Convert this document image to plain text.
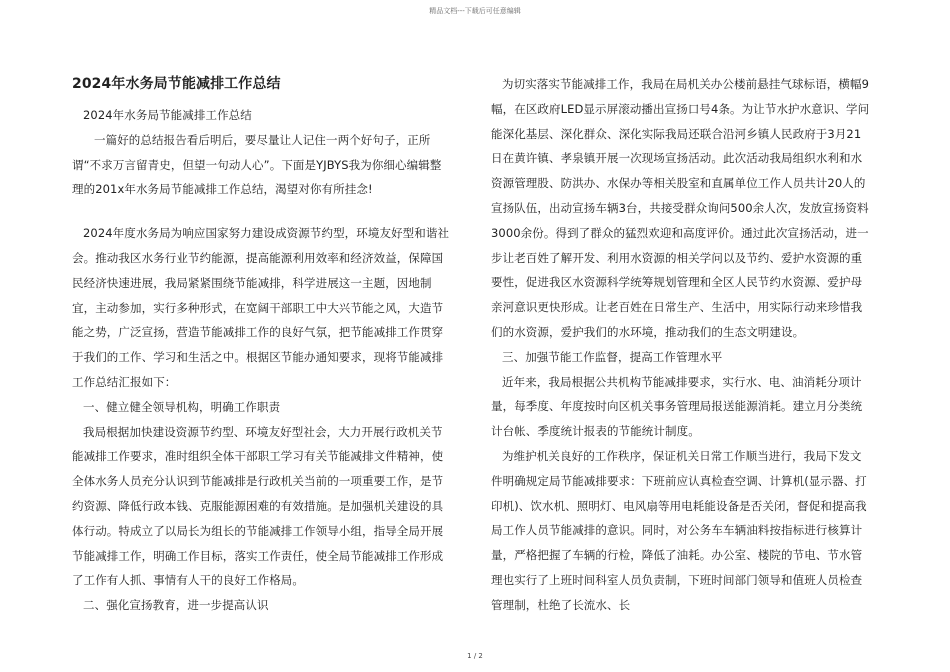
精品文档---下载后可任意编辑
2024年水务局节能减排工作总结

2024年水务局节能减排工作总结

一篇好的总结报告看后明后，要尽量让人记住一两个好句子，正所谓“不求万言留青史，但望一句动人心”。下面是YJBYS我为你细心编辑整理的201x年水务局节能减排工作总结，渴望对你有所挂念!

2024年度水务局为响应国家努力建设成资源节约型，环境友好型和谐社会。推动我区水务行业节约能源，提高能源利用效率和经济效益，保障国民经济快速进展，我局紧紧围绕节能减排，科学进展这一主题，因地制宜，主动参加，实行多种形式，在宽阔干部职工中大兴节能之风，大造节能之势，广泛宣扬，营造节能减排工作的良好气氛，把节能减排工作贯穿于我们的工作、学习和生活之中。根据区节能办通知要求，现将节能减排工作总结汇报如下：

一、健立健全领导机构，明确工作职责

我局根据加快建设资源节约型、环境友好型社会，大力开展行政机关节能减排工作要求，准时组织全体干部职工学习有关节能减排文件精神，使全体水务人员充分认识到节能减排是行政机关当前的一项重要工作，是节约资源、降低行政本钱、克服能源困难的有效措施。是加强机关建设的具体行动。特成立了以局长为组长的节能减排工作领导小组，指导全局开展节能减排工作，明确工作目标，落实工作责任，使全局节能减排工作形成了工作有人抓、事情有人干的良好工作格局。

二、强化宣扬教育，进一步提高认识

为切实落实节能减排工作，我局在局机关办公楼前悬挂气球标语，横幅9幅，在区政府LED显示屏滚动播出宣扬口号4条。为让节水护水意识、学问能深化基层、深化群众、深化实际我局还联合沿河乡镇人民政府于3月21日在黄许镇、孝泉镇开展一次现场宣扬活动。此次活动我局组织水利和水资源管理股、防洪办、水保办等相关股室和直属单位工作人员共计20人的宣扬队伍，出动宣扬车辆3台，共接受群众询问500余人次，发放宣扬资料3000余份。得到了群众的猛烈欢迎和高度评价。通过此次宣扬活动，进一步让老百姓了解开发、利用水资源的相关学问以及节约、爱护水资源的重要性，促进我区水资源科学统筹规划管理和全区人民节约水资源、爱护母亲河意识更快形成。让老百姓在日常生产、生活中，用实际行动来珍惜我们的水资源，爱护我们的水环境，推动我们的生态文明建设。

三、加强节能工作监督，提高工作管理水平

近年来，我局根据公共机构节能减排要求，实行水、电、油消耗分项计量，每季度、年度按时向区机关事务管理局报送能源消耗。建立月分类统计台帐、季度统计报表的节能统计制度。

为维护机关良好的工作秩序，保证机关日常工作顺当进行，我局下发文件明确规定局节能减排要求：下班前应认真检查空调、计算机(显示器、打印机)、饮水机、照明灯、电风扇等用电耗能设备是否关闭，督促和提高我局工作人员节能减排的意识。同时，对公务车车辆油料按指标进行核算计量，严格把握了车辆的行检，降低了油耗。办公室、楼院的节电、节水管理也实行了上班时间科室人员负责制，下班时间部门领导和值班人员检查管理制，杜绝了长流水、长

1 / 2
